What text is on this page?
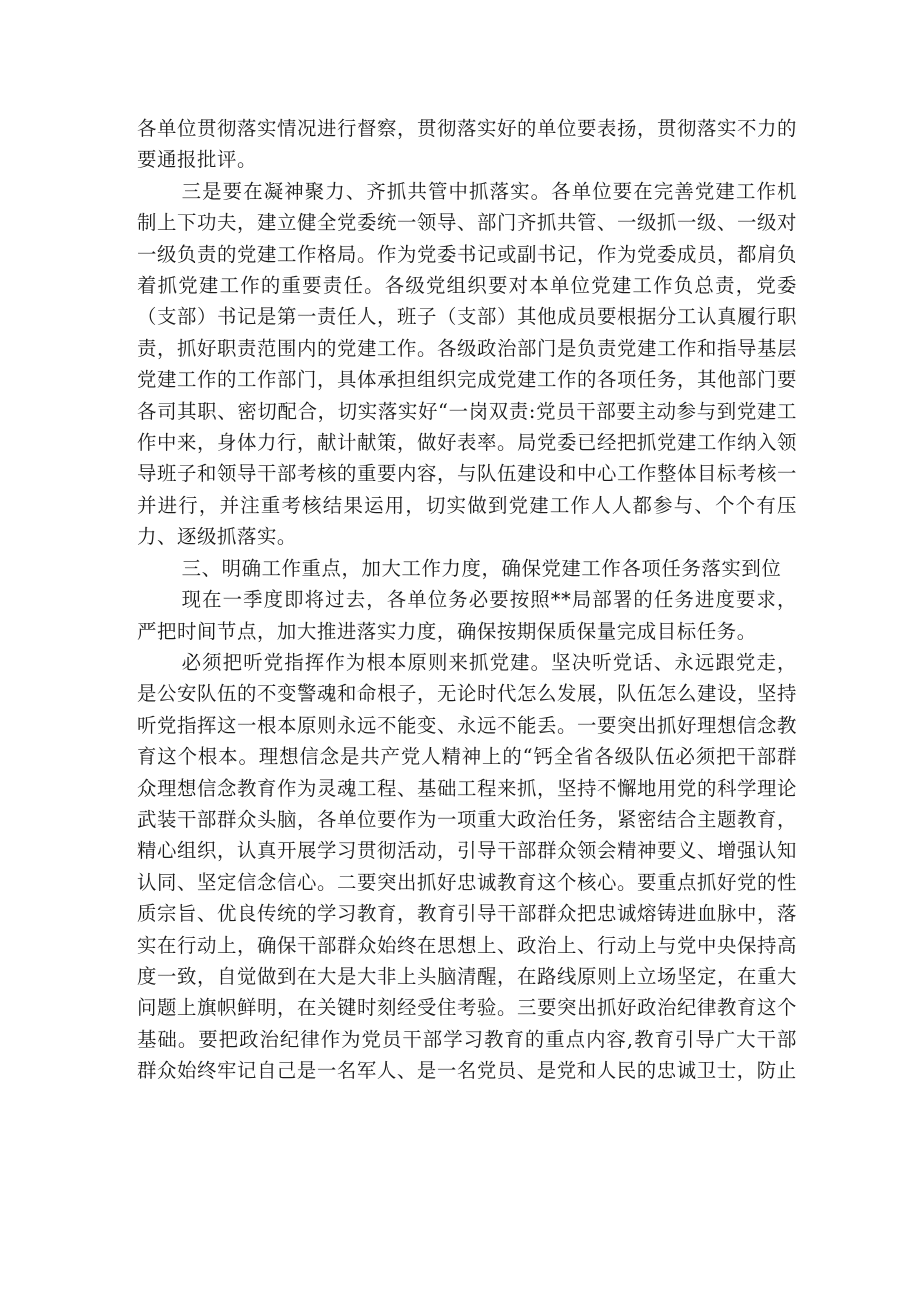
各单位贯彻落实情况进行督察，贯彻落实好的单位要表扬，贯彻落实不力的要通报批评。

三是要在凝神聚力、齐抓共管中抓落实。各单位要在完善党建工作机制上下功夫，建立健全党委统一领导、部门齐抓共管、一级抓一级、一级对一级负责的党建工作格局。作为党委书记或副书记，作为党委成员，都肩负着抓党建工作的重要责任。各级党组织要对本单位党建工作负总责，党委（支部）书记是第一责任人，班子（支部）其他成员要根据分工认真履行职责，抓好职责范围内的党建工作。各级政治部门是负责党建工作和指导基层党建工作的工作部门，具体承担组织完成党建工作的各项任务，其他部门要各司其职、密切配合，切实落实好“一岗双责:党员干部要主动参与到党建工作中来，身体力行，献计献策，做好表率。局党委已经把抓党建工作纳入领导班子和领导干部考核的重要内容，与队伍建设和中心工作整体目标考核一并进行，并注重考核结果运用，切实做到党建工作人人都参与、个个有压力、逐级抓落实。

三、明确工作重点，加大工作力度，确保党建工作各项任务落实到位

现在一季度即将过去，各单位务必要按照**局部署的任务进度要求，严把时间节点，加大推进落实力度，确保按期保质保量完成目标任务。

必须把听党指挥作为根本原则来抓党建。坚决听党话、永远跟党走，是公安队伍的不变警魂和命根子，无论时代怎么发展，队伍怎么建设，坚持听党指挥这一根本原则永远不能变、永远不能丢。一要突出抓好理想信念教育这个根本。理想信念是共产党人精神上的“钙全省各级队伍必须把干部群众理想信念教育作为灵魂工程、基础工程来抓，坚持不懈地用党的科学理论武装干部群众头脑，各单位要作为一项重大政治任务，紧密结合主题教育，精心组织，认真开展学习贯彻活动，引导干部群众领会精神要义、增强认知认同、坚定信念信心。二要突出抓好忠诚教育这个核心。要重点抓好党的性质宗旨、优良传统的学习教育，教育引导干部群众把忠诚熔铸进血脉中，落实在行动上，确保干部群众始终在思想上、政治上、行动上与党中央保持高度一致，自觉做到在大是大非上头脑清醒，在路线原则上立场坚定，在重大问题上旗帜鲜明，在关键时刻经受住考验。三要突出抓好政治纪律教育这个基础。要把政治纪律作为党员干部学习教育的重点内容,教育引导广大干部群众始终牢记自己是一名军人、是一名党员、是党和人民的忠诚卫士，防止
